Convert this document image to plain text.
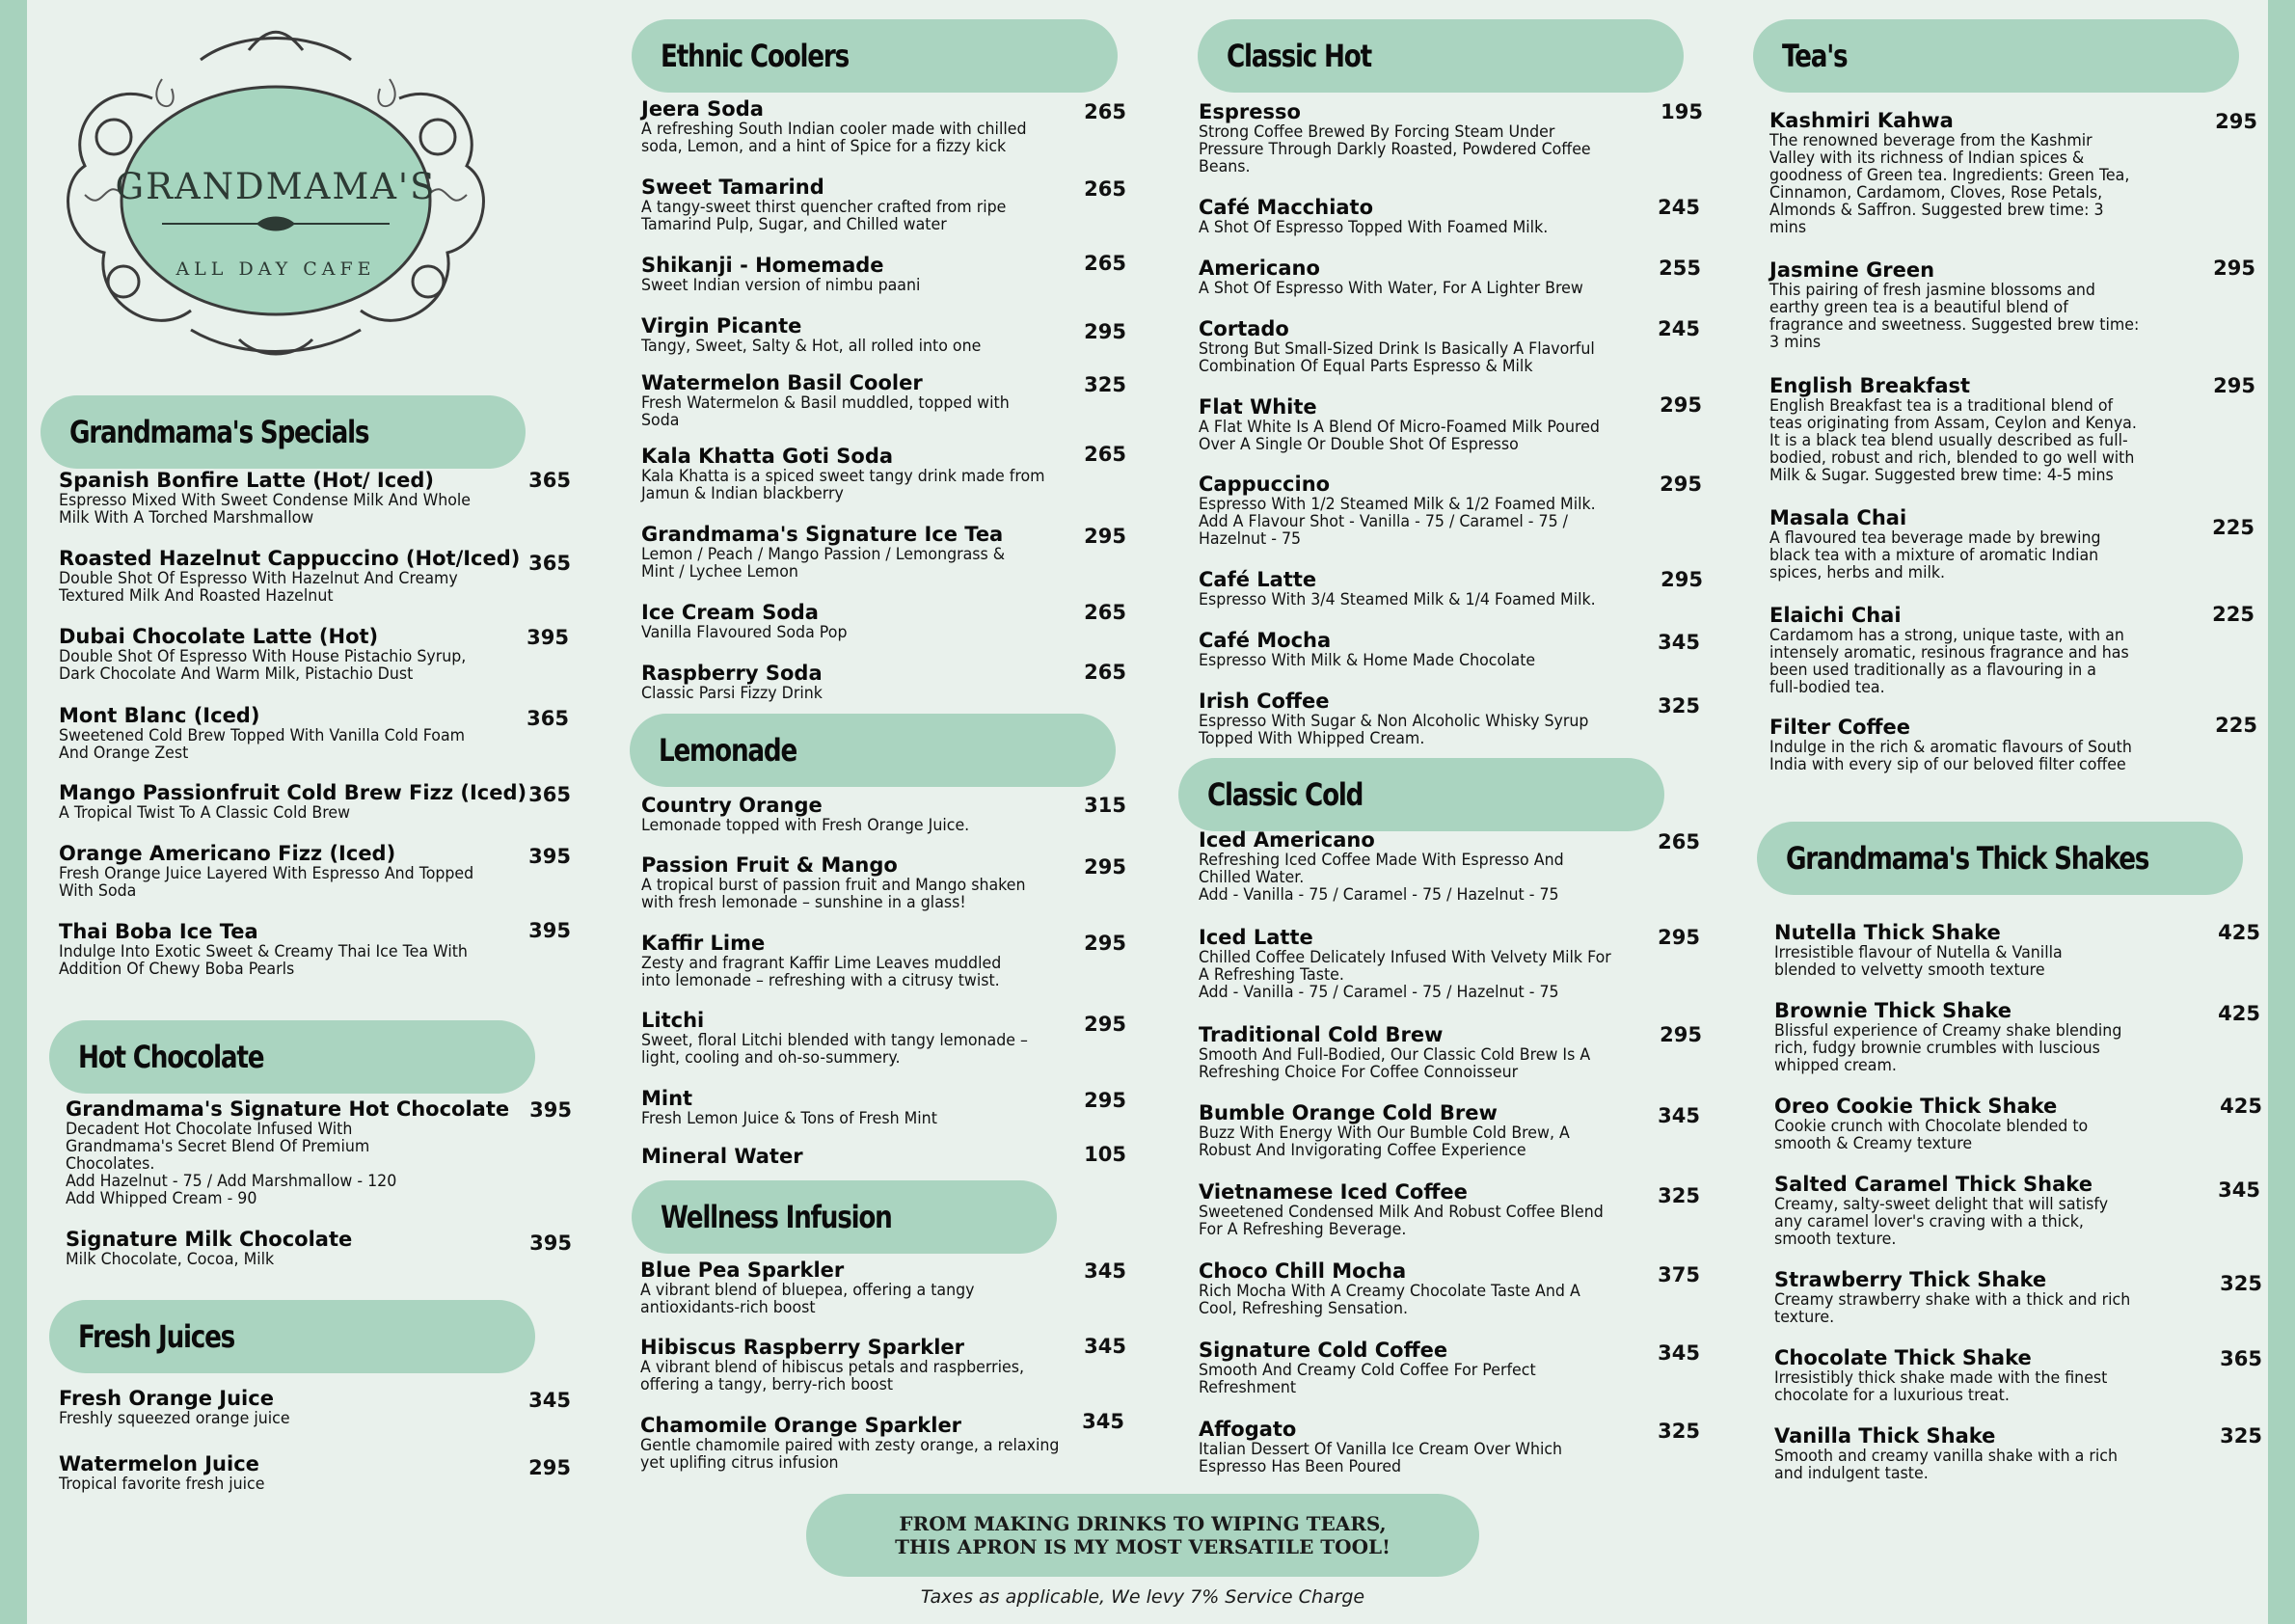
GRANDMAMA'S
ALL DAY CAFE
Grandmama's Specials
Spanish Bonfire Latte (Hot/ Iced)
Espresso Mixed With Sweet Condense Milk And Whole
Milk With A Torched Marshmallow
365
Roasted Hazelnut Cappuccino (Hot/Iced)
Double Shot Of Espresso With Hazelnut And Creamy
Textured Milk And Roasted Hazelnut
365
Dubai Chocolate Latte (Hot)
Double Shot Of Espresso With House Pistachio Syrup,
Dark Chocolate And Warm Milk, Pistachio Dust
395
Mont Blanc (Iced)
Sweetened Cold Brew Topped With Vanilla Cold Foam
And Orange Zest
365
Mango Passionfruit Cold Brew Fizz (Iced)
A Tropical Twist To A Classic Cold Brew
365
Orange Americano Fizz (Iced)
Fresh Orange Juice Layered With Espresso And Topped
With Soda
395
Thai Boba Ice Tea
Indulge Into Exotic Sweet & Creamy Thai Ice Tea With
Addition Of Chewy Boba Pearls
395
Hot Chocolate
Grandmama's Signature Hot Chocolate
Decadent Hot Chocolate Infused With
Grandmama's Secret Blend Of Premium
Chocolates.
Add Hazelnut - 75 / Add Marshmallow - 120
Add Whipped Cream - 90
395
Signature Milk Chocolate
Milk Chocolate, Cocoa, Milk
395
Fresh Juices
Fresh Orange Juice
Freshly squeezed orange juice
345
Watermelon Juice
Tropical favorite fresh juice
295
Ethnic Coolers
Jeera Soda
A refreshing South Indian cooler made with chilled
soda, Lemon, and a hint of Spice for a fizzy kick
265
Sweet Tamarind
A tangy-sweet thirst quencher crafted from ripe
Tamarind Pulp, Sugar, and Chilled water
265
Shikanji - Homemade
Sweet Indian version of nimbu paani
265
Virgin Picante
Tangy, Sweet, Salty & Hot, all rolled into one
295
Watermelon Basil Cooler
Fresh Watermelon & Basil muddled, topped with
Soda
325
Kala Khatta Goti Soda
Kala Khatta is a spiced sweet tangy drink made from
Jamun & Indian blackberry
265
Grandmama's Signature Ice Tea
Lemon / Peach / Mango Passion / Lemongrass &
Mint / Lychee Lemon
295
Ice Cream Soda
Vanilla Flavoured Soda Pop
265
Raspberry Soda
Classic Parsi Fizzy Drink
265
Lemonade
Country Orange
Lemonade topped with Fresh Orange Juice.
315
Passion Fruit & Mango
A tropical burst of passion fruit and Mango shaken
with fresh lemonade – sunshine in a glass!
295
Kaffir Lime
Zesty and fragrant Kaffir Lime Leaves muddled
into lemonade – refreshing with a citrusy twist.
295
Litchi
Sweet, floral Litchi blended with tangy lemonade –
light, cooling and oh-so-summery.
295
Mint
Fresh Lemon Juice & Tons of Fresh Mint
295
Mineral Water	105
Wellness Infusion
Blue Pea Sparkler
A vibrant blend of bluepea, offering a tangy
antioxidants-rich boost
345
Hibiscus Raspberry Sparkler
A vibrant blend of hibiscus petals and raspberries,
offering a tangy, berry-rich boost
345
Chamomile Orange Sparkler
Gentle chamomile paired with zesty orange, a relaxing
yet uplifing citrus infusion
345
Classic Hot
Espresso
Strong Coffee Brewed By Forcing Steam Under
Pressure Through Darkly Roasted, Powdered Coffee
Beans.
195
Café Macchiato
A Shot Of Espresso Topped With Foamed Milk.
245
Americano
A Shot Of Espresso With Water, For A Lighter Brew
255
Cortado
Strong But Small-Sized Drink Is Basically A Flavorful
Combination Of Equal Parts Espresso & Milk
245
Flat White
A Flat White Is A Blend Of Micro-Foamed Milk Poured
Over A Single Or Double Shot Of Espresso
295
Cappuccino
Espresso With 1/2 Steamed Milk & 1/2 Foamed Milk.
Add A Flavour Shot - Vanilla - 75 / Caramel - 75 /
Hazelnut - 75
295
Café Latte
Espresso With 3/4 Steamed Milk & 1/4 Foamed Milk.
295
Café Mocha
Espresso With Milk & Home Made Chocolate
345
Irish Coffee
Espresso With Sugar & Non Alcoholic Whisky Syrup
Topped With Whipped Cream.
325
Classic Cold
Iced Americano
Refreshing Iced Coffee Made With Espresso And
Chilled Water.
Add - Vanilla - 75 / Caramel - 75 / Hazelnut - 75
265
Iced Latte
Chilled Coffee Delicately Infused With Velvety Milk For
A Refreshing Taste.
Add - Vanilla - 75 / Caramel - 75 / Hazelnut - 75
295
Traditional Cold Brew
Smooth And Full-Bodied, Our Classic Cold Brew Is A
Refreshing Choice For Coffee Connoisseur
295
Bumble Orange Cold Brew
Buzz With Energy With Our Bumble Cold Brew, A
Robust And Invigorating Coffee Experience
345
Vietnamese Iced Coffee
Sweetened Condensed Milk And Robust Coffee Blend
For A Refreshing Beverage.
325
Choco Chill Mocha
Rich Mocha With A Creamy Chocolate Taste And A
Cool, Refreshing Sensation.
375
Signature Cold Coffee
Smooth And Creamy Cold Coffee For Perfect
Refreshment
345
Affogato
Italian Dessert Of Vanilla Ice Cream Over Which
Espresso Has Been Poured
325
Tea's
Kashmiri Kahwa
The renowned beverage from the Kashmir
Valley with its richness of Indian spices &
goodness of Green tea. Ingredients: Green Tea,
Cinnamon, Cardamom, Cloves, Rose Petals,
Almonds & Saffron. Suggested brew time: 3
mins
295
Jasmine Green
This pairing of fresh jasmine blossoms and
earthy green tea is a beautiful blend of
fragrance and sweetness. Suggested brew time:
3 mins
295
English Breakfast
English Breakfast tea is a traditional blend of
teas originating from Assam, Ceylon and Kenya.
It is a black tea blend usually described as full-
bodied, robust and rich, blended to go well with
Milk & Sugar. Suggested brew time: 4-5 mins
295
Masala Chai
A flavoured tea beverage made by brewing
black tea with a mixture of aromatic Indian
spices, herbs and milk.
225
Elaichi Chai
Cardamom has a strong, unique taste, with an
intensely aromatic, resinous fragrance and has
been used traditionally as a flavouring in a
full-bodied tea.
225
Filter Coffee
Indulge in the rich & aromatic flavours of South
India with every sip of our beloved filter coffee
225
Grandmama's Thick Shakes
Nutella Thick Shake
Irresistible flavour of Nutella & Vanilla
blended to velvetty smooth texture
425
Brownie Thick Shake
Blissful experience of Creamy shake blending
rich, fudgy brownie crumbles with luscious
whipped cream.
425
Oreo Cookie Thick Shake
Cookie crunch with Chocolate blended to
smooth & Creamy texture
425
Salted Caramel Thick Shake
Creamy, salty-sweet delight that will satisfy
any caramel lover's craving with a thick,
smooth texture.
345
Strawberry Thick Shake
Creamy strawberry shake with a thick and rich
texture.
325
Chocolate Thick Shake
Irresistibly thick shake made with the finest
chocolate for a luxurious treat.
365
Vanilla Thick Shake
Smooth and creamy vanilla shake with a rich
and indulgent taste.
325
FROM MAKING DRINKS TO WIPING TEARS,
THIS APRON IS MY MOST VERSATILE TOOL!
Taxes as applicable, We levy 7% Service Charge
